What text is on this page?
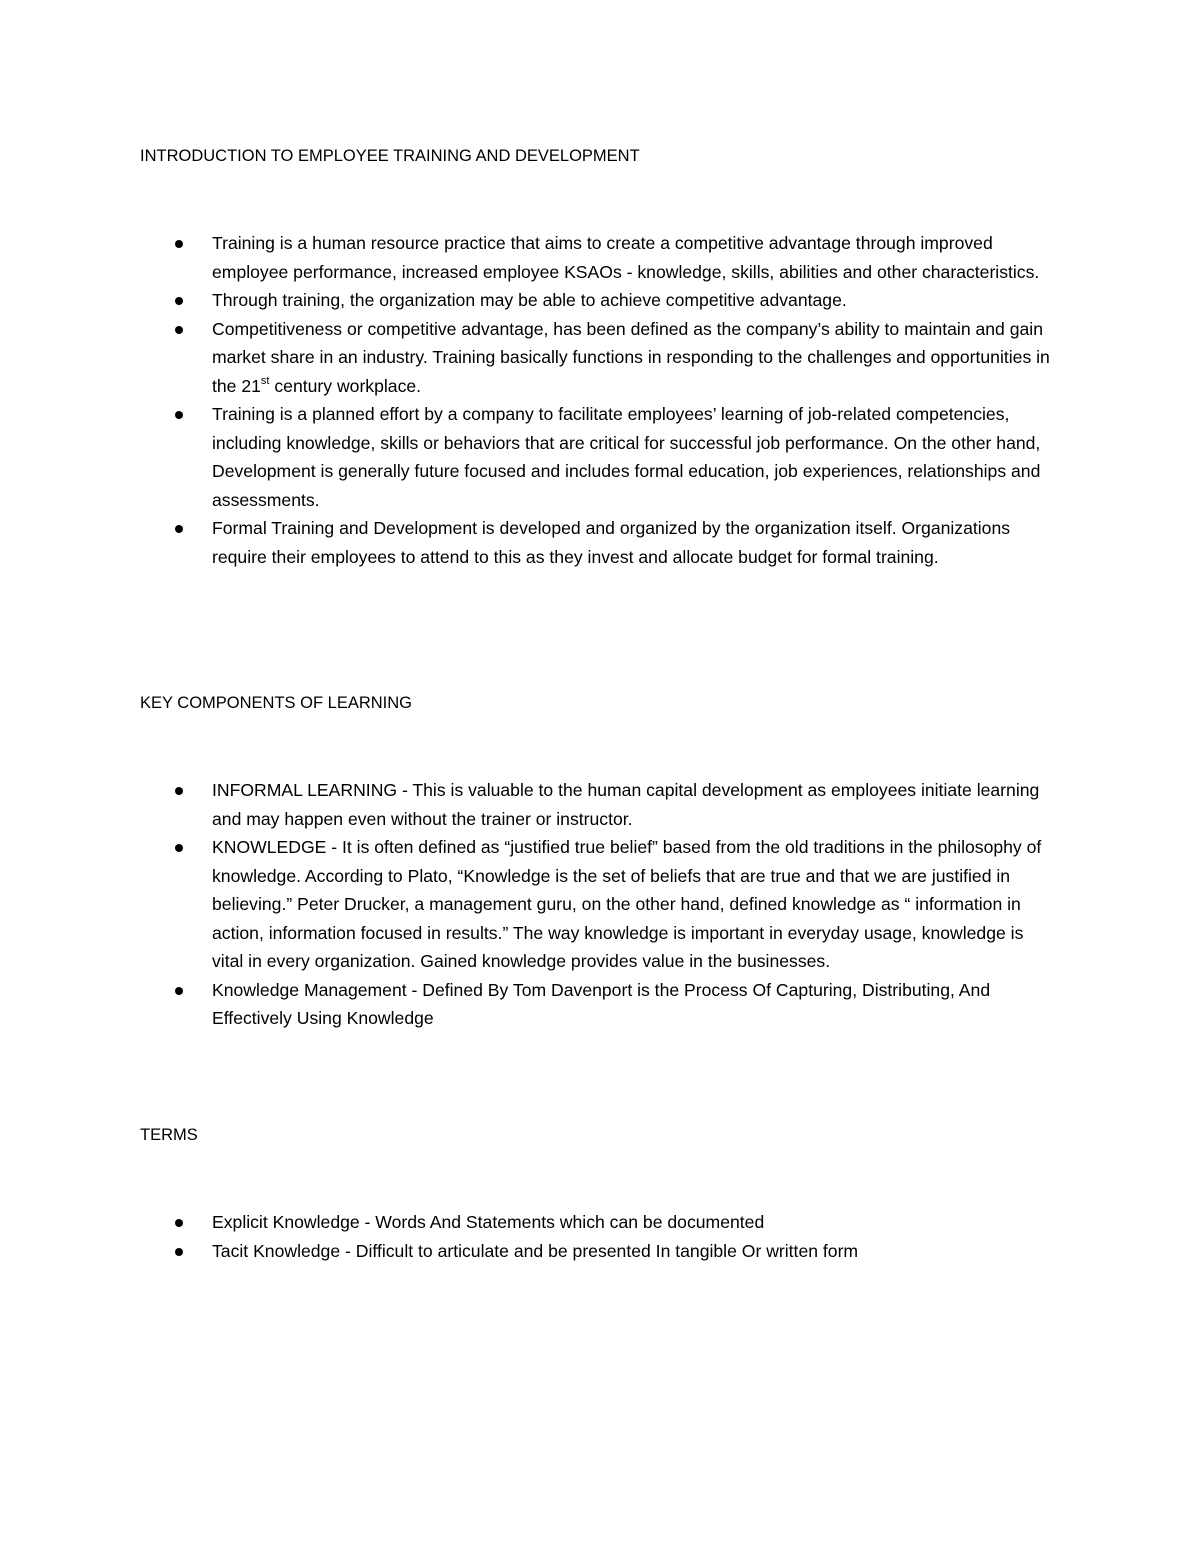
INTRODUCTION TO EMPLOYEE TRAINING AND DEVELOPMENT
Training is a human resource practice that aims to create a competitive advantage through improved employee performance, increased employee KSAOs - knowledge, skills, abilities and other characteristics.
Through training, the organization may be able to achieve competitive advantage.
Competitiveness or competitive advantage, has been defined as the company’s ability to maintain and gain market share in an industry. Training basically functions in responding to the challenges and opportunities in the 21st century workplace.
Training is a planned effort by a company to facilitate employees’ learning of job-related competencies, including knowledge, skills or behaviors that are critical for successful job performance. On the other hand, Development is generally future focused and includes formal education, job experiences, relationships and assessments.
Formal Training and Development is developed and organized by the organization itself. Organizations require their employees to attend to this as they invest and allocate budget for formal training.
KEY COMPONENTS OF LEARNING
INFORMAL LEARNING - This is valuable to the human capital development as employees initiate learning and may happen even without the trainer or instructor.
KNOWLEDGE - It is often defined as “justified true belief” based from the old traditions in the philosophy of knowledge. According to Plato, “Knowledge is the set of beliefs that are true and that we are justified in believing.” Peter Drucker, a management guru, on the other hand, defined knowledge as “ information in action, information focused in results.” The way knowledge is important in everyday usage, knowledge is vital in every organization. Gained knowledge provides value in the businesses.
Knowledge Management - Defined By Tom Davenport is the Process Of Capturing, Distributing, And Effectively Using Knowledge
TERMS
Explicit Knowledge - Words And Statements which can be documented
Tacit Knowledge - Difficult to articulate and be presented In tangible Or written form
